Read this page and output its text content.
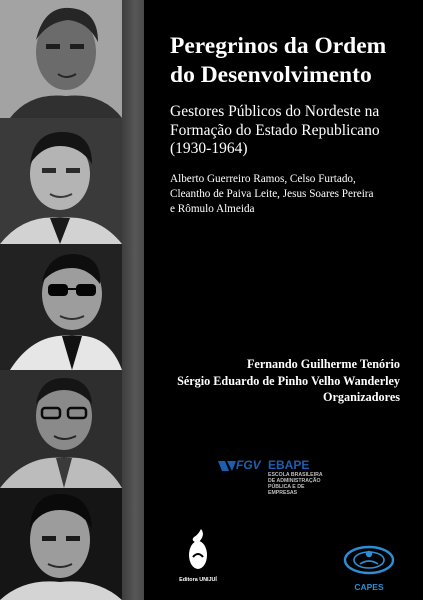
Peregrinos da Ordem
do Desenvolvimento

Gestores Públicos do Nordeste na
Formação do Estado Republicano
(1930-1964)

Alberto Guerreiro Ramos, Celso Furtado,
Cleantho de Paiva Leite, Jesus Soares Pereira
e Rômulo Almeida

Fernando Guilherme Tenório
Sérgio Eduardo de Pinho Velho Wanderley
Organizadores

FGV EBAPE
ESCOLA BRASILEIRA
DE ADMINISTRAÇÃO
PÚBLICA E DE
EMPRESAS
Editora UNIJUÍ
CAPES
